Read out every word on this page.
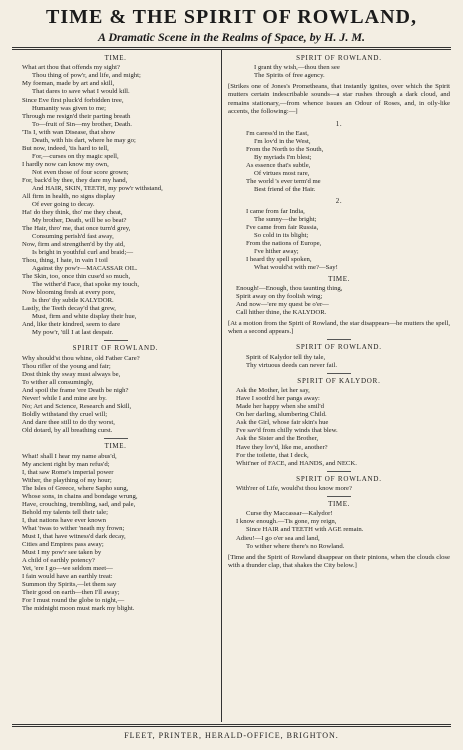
TIME & THE SPIRIT OF ROWLAND,
A Dramatic Scene in the Realms of Space, by H. J. M.
TIME.
What art thou that offends my sight?
Thou thing of pow'r, and life, and might;
My foeman, made by art and skill,
That dares to save what I would kill.
Since Eve first pluck'd forbidden tree,
Humanity was given to me;
Through me resign'd their parting breath
To—fruit of Sin—my brother, Death.
'Tis I, with wan Disease, that show
Death, with his dart, where he may go;
But now, indeed, 'tis hard to tell,
For,—curses on thy magic spell,
I hardly now can know my own,
Not even those of four score grown;
For, back'd by thee, they dare my hand,
And HAIR, SKIN, TEETH, my pow'r withstand,
All firm in health, no signs display
Of ever going to decay.
Ha! do they think, tho' me they cheat,
My brother, Death, will be so beat?
The Hair, thro' me, that once turn'd grey,
Consuming perish'd fast away,
Now, firm and strengthen'd by thy aid,
Is bright in youthful curl and braid;—
Thou, thing, I hate, in vain I toil
Against thy pow'r—MACASSAR OIL.
The Skin, too, once thin cuse'd so much,
The wither'd Face, that spoke my touch,
Now blooming fresh at every pore,
Is thro' thy subtle KALYDOR.
Lastly, the Teeth decay'd that grew,
Must, firm and white display their hue,
And, like their kindred, seem to dare
My pow'r, 'till I at last despair.
SPIRIT OF ROWLAND.
Why should'st thou whine, old Father Care?
Thou rifler of the young and fair;
Dost think thy sway must always be,
To wither all consumingly,
And spoil the frame 'ere Death be nigh?
Never! while I and mine are by.
No; Art and Science, Research and Skill,
Boldly withstand thy cruel will;
And dare thee still to do thy worst,
Old dotard, by all breathing curst.
TIME.
What! shall I hear my name abus'd,
My ancient right by man refus'd;
I, that saw Rome's imperial power
Wither, the plaything of my hour;
The Isles of Greece, where Sapho sung,
Whose sons, in chains and bondage wrung,
Have, crouching, trembling, sad, and pale,
Behold my talents tell their tale;
I, that nations have ever known
What 'twas to wither 'neath my frown;
Must I, that have witness'd dark decay,
Cities and Empires pass away;
Must I my pow'r see taken by
A child of earthly potency?
Yet, 'ere I go—we seldom meet—
I fain would have an earthly treat:
Summon thy Spirits,—let them say
Their good on earth—then I'll away;
For I must round the globe to night,—
The midnight moon must mark my blight.
SPIRIT OF ROWLAND.
I grant thy wish,—thou then see
The Spirits of free agency.
[Strikes one of Jones's Prometheans, that instantly ignites, over which the Spirit mutters certain indescribable sounds—a star rushes through a dark cloud, and remains stationary,—from whence issues an Odour of Roses, and, in oily-like accents, the following:—]
1.
I'm caress'd in the East,
I'm lov'd in the West,
From the North to the South,
By myriads I'm blest;
As essence that's subtle,
Of virtues most rare,
The world 's ever term'd me
Best friend of the Hair.
2.
I came from far India,
The sunny—the bright;
I've came from fair Russia,
So cold in its blight;
From the nations of Europe,
I've hither away;
I heard thy spell spoken,
What would'st with me?—Say!
TIME.
Enough!—Enough, thou taunting thing,
Spirit away on thy foolish wing;
And now—'ere my quest be o'er—
Call hither thine, the KALYDOR.
[At a motion from the Spirit of Rowland, the star disappears—he mutters the spell, when a second appears.]
SPIRIT OF ROWLAND.
Spirit of Kalydor tell thy tale,
Thy virtuous deeds can never fail.
SPIRIT OF KALYDOR.
Ask the Mother, let her say,
Have I sooth'd her pangs away:
Made her happy when she smil'd
On her darling, slumbering Child.
Ask the Girl, whose fair skin's hue
I've sav'd from chilly winds that blew.
Ask the Sister and the Brother,
Have they lov'd, like me, another?
For the toilette, that I deck,
Whit'ner of FACE, and HANDS, and NECK.
SPIRIT OF ROWLAND.
With'rer of Life, would'st thou know more?
TIME.
Curse thy Maccassar—Kalydor!
I know enough.—Tis gone, my reign,
Since HAIR and TEETH with AGE remain.
Adieu!—I go o'er sea and land,
To wither where there's no Rowland.
[Time and the Spirit of Rowland disappear on their pinions, when the clouds close with a thunder clap, that shakes the City below.]
FLEET, PRINTER, HERALD-OFFICE, BRIGHTON.
